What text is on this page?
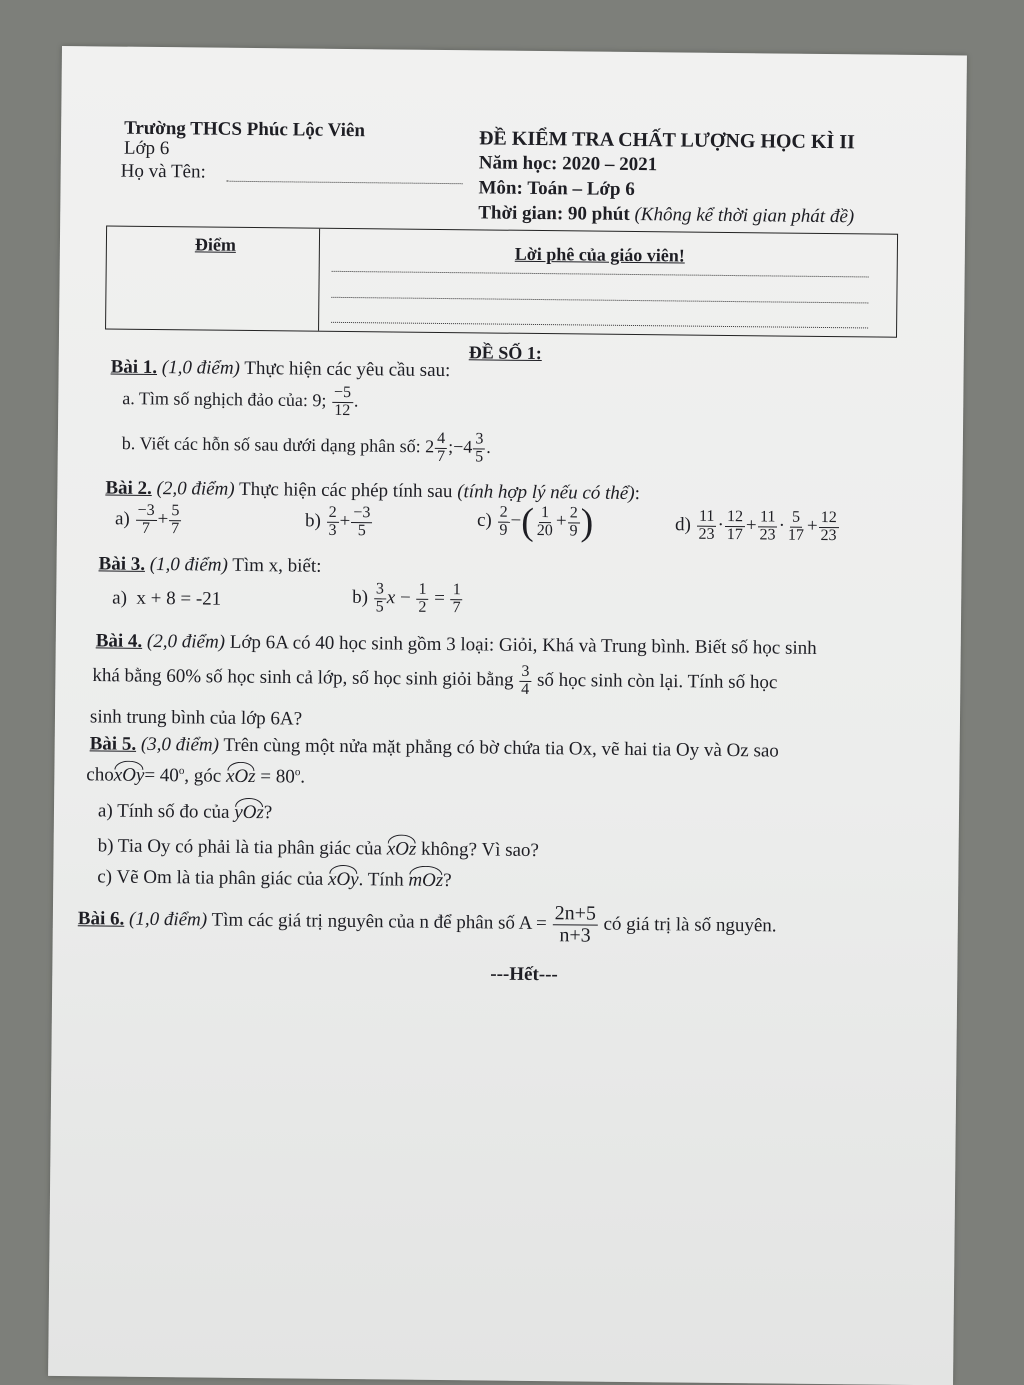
Trường THCS Phúc Lộc Viên
Lớp 6
Họ và Tên:
ĐỀ KIỂM TRA CHẤT LƯỢNG HỌC KÌ II
Năm học: 2020 – 2021
Môn: Toán – Lớp 6
Thời gian: 90 phút (Không kể thời gian phát đề)
Điểm	Lời phê của giáo viên!
ĐỀ SỐ 1:
Bài 1. (1,0 điểm) Thực hiện các yêu cầu sau:
a. Tìm số nghịch đảo của: 9; $\frac{-5}{12}$ .
b. Viết các hỗn số sau dưới dạng phân số: $2 \frac{4}{7}$ ;−4 $\frac{3}{5}$ .
Bài 2. (2,0 điểm) Thực hiện các phép tính sau (tính hợp lý nếu có thể):
$a) \frac{-3}{7} + \frac{5}{7}$	$b) \frac{2}{3} + \frac{-3}{5}$	$c) \frac{2}{9}$ −( $\frac{1}{20} + \frac{2}{9}$ )	$d) \frac{11}{23} \cdot \frac{12}{17} + \frac{11}{23} \cdot \frac{5}{17} + \frac{12}{23}$
Bài 3. (1,0 điểm) Tìm x, biết:
a) x + 8 = -21	$b) \frac{3}{5}$ $x - \frac{1}{2} = \frac{1}{7}$
Bài 4. (2,0 điểm) Lớp 6A có 40 học sinh gồm 3 loại: Giỏi, Khá và Trung bình. Biết số học sinh
khá bằng 60% số học sinh cả lớp, số học sinh giỏi bằng $\frac{3}{4}$ số học sinh còn lại. Tính số học
sinh trung bình của lớp 6A?
Bài 5. (3,0 điểm) Trên cùng một nửa mặt phẳng có bờ chứa tia Ox, vẽ hai tia Oy và Oz sao
choxOy= $40^o$, góc xOz = $80^o$.
a) Tính số đo của yOz?
b) Tia Oy có phải là tia phân giác của xOz không? Vì sao?
c) Vẽ Om là tia phân giác của xOy. Tính mOz?
Bài 6. (1,0 điểm) Tìm các giá trị nguyên của n để phân số $A = \frac{2n+5}{n+3}$ có giá trị là số nguyên.
---Hết---
